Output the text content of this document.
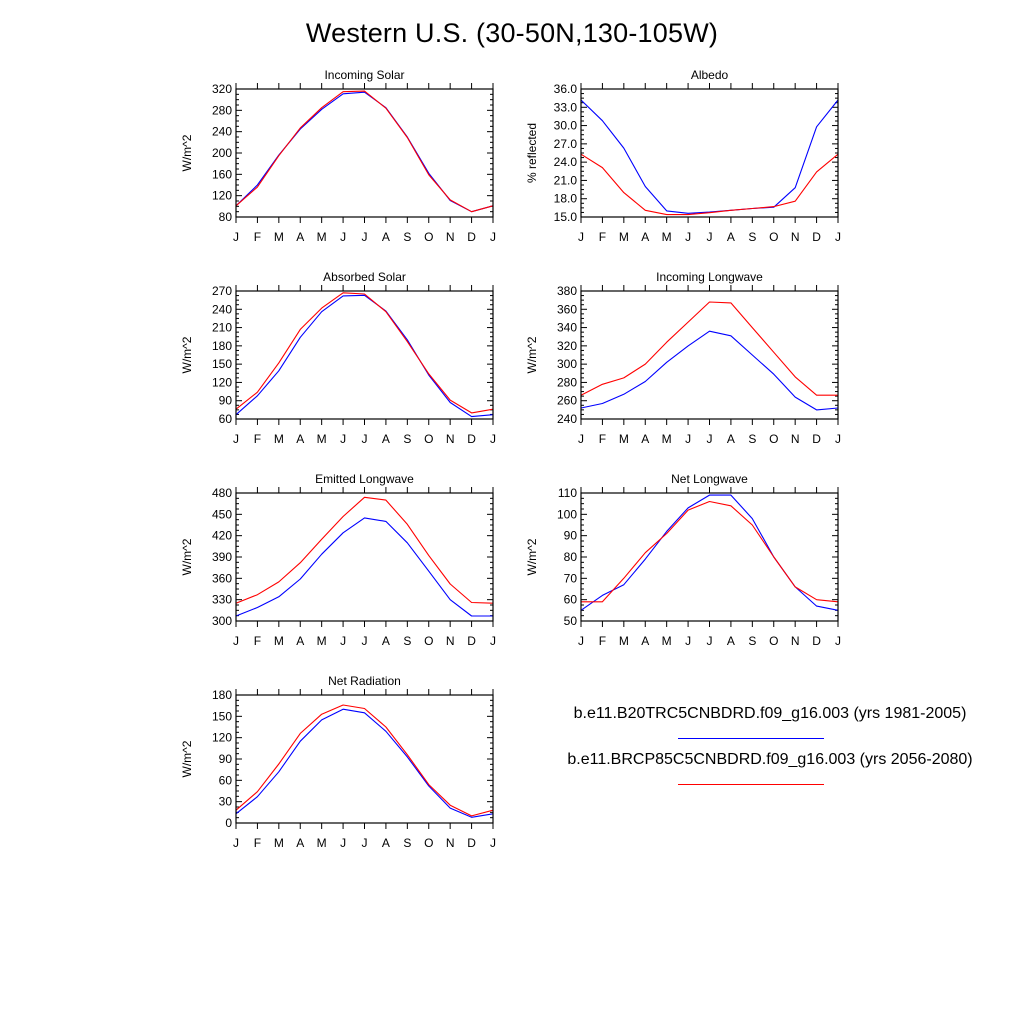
Western U.S. (30-50N,130-105W)
Incoming Solar
W/m^2
80
120
160
200
240
280
320
J F M A M J J A S O N D J
Albedo
% reflected
15.0
18.0
21.0
24.0
27.0
30.0
33.0
36.0
J F M A M J J A S O N D J
Absorbed Solar
W/m^2
60
90
120
150
180
210
240
270
J F M A M J J A S O N D J
Incoming Longwave
W/m^2
240
260
280
300
320
340
360
380
J F M A M J J A S O N D J
Emitted Longwave
W/m^2
300
330
360
390
420
450
480
J F M A M J J A S O N D J
Net Longwave
W/m^2
50
60
70
80
90
100
110
J F M A M J J A S O N D J
Net Radiation
W/m^2
0
30
60
90
120
150
180
J F M A M J J A S O N D J
b.e11.B20TRC5CNBDRD.f09_g16.003 (yrs 1981-2005)
b.e11.BRCP85C5CNBDRD.f09_g16.003 (yrs 2056-2080)
